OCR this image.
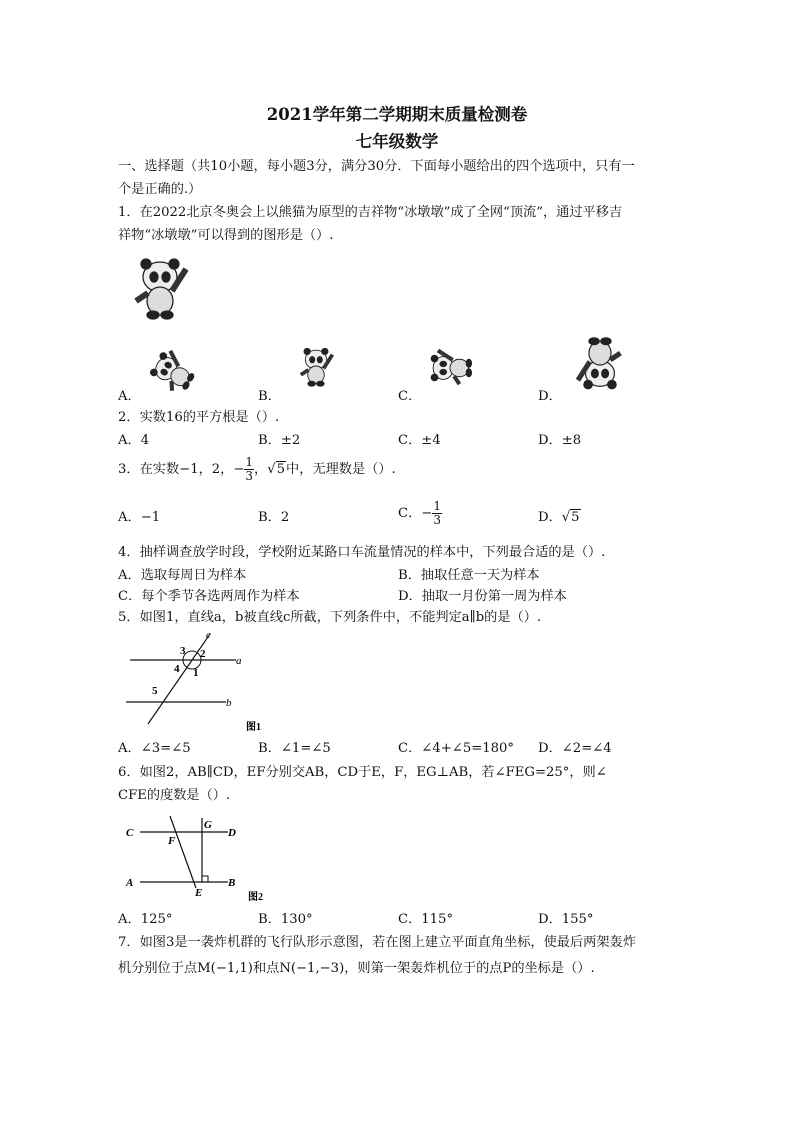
2021学年第二学期期末质量检测卷
七年级数学
一、选择题（共10小题，每小题3分，满分30分．下面每小题给出的四个选项中，只有一
个是正确的.）
1．在2022北京冬奥会上以熊猫为原型的吉祥物“冰墩墩”成了全网“顶流”，通过平移吉
祥物“冰墩墩”可以得到的图形是（）.
A．	B．	C．	D．
2．实数16的平方根是（）.
A．4	B．±2	C．±4	D．±8
3．在实数−1，2，− $\frac{1}{3}$ ，√5中，无理数是（）.
A．−1	B．2	C．− $\frac{1}{3}$	D．√5
4．抽样调查放学时段，学校附近某路口车流量情况的样本中，下列最合适的是（）.
A．选取每周日为样本	B．抽取任意一天为样本
C．每个季节各选两周作为样本	D．抽取一月份第一周为样本
5．如图1，直线a，b被直线c所截，下列条件中，不能判定a∥b的是（）.
c
3 2
4 1
a
5
b
图1
A．∠3=∠5	B．∠1=∠5	C．∠4+∠5=180° D．∠2=∠4
6．如图2，AB∥CD，EF分别交AB，CD于E，F，EG⊥AB，若∠FEG=25°，则∠
CFE的度数是（）.
C
G
D
F
A
E
B
图2
A．125°	B．130°	C．115°	D．155°
7．如图3是一袭炸机群的飞行队形示意图，若在图上建立平面直角坐标，使最后两架轰炸
机分别位于点M(−1,1)和点N(−1,−3)，则第一架轰炸机位于的点P的坐标是（）.
